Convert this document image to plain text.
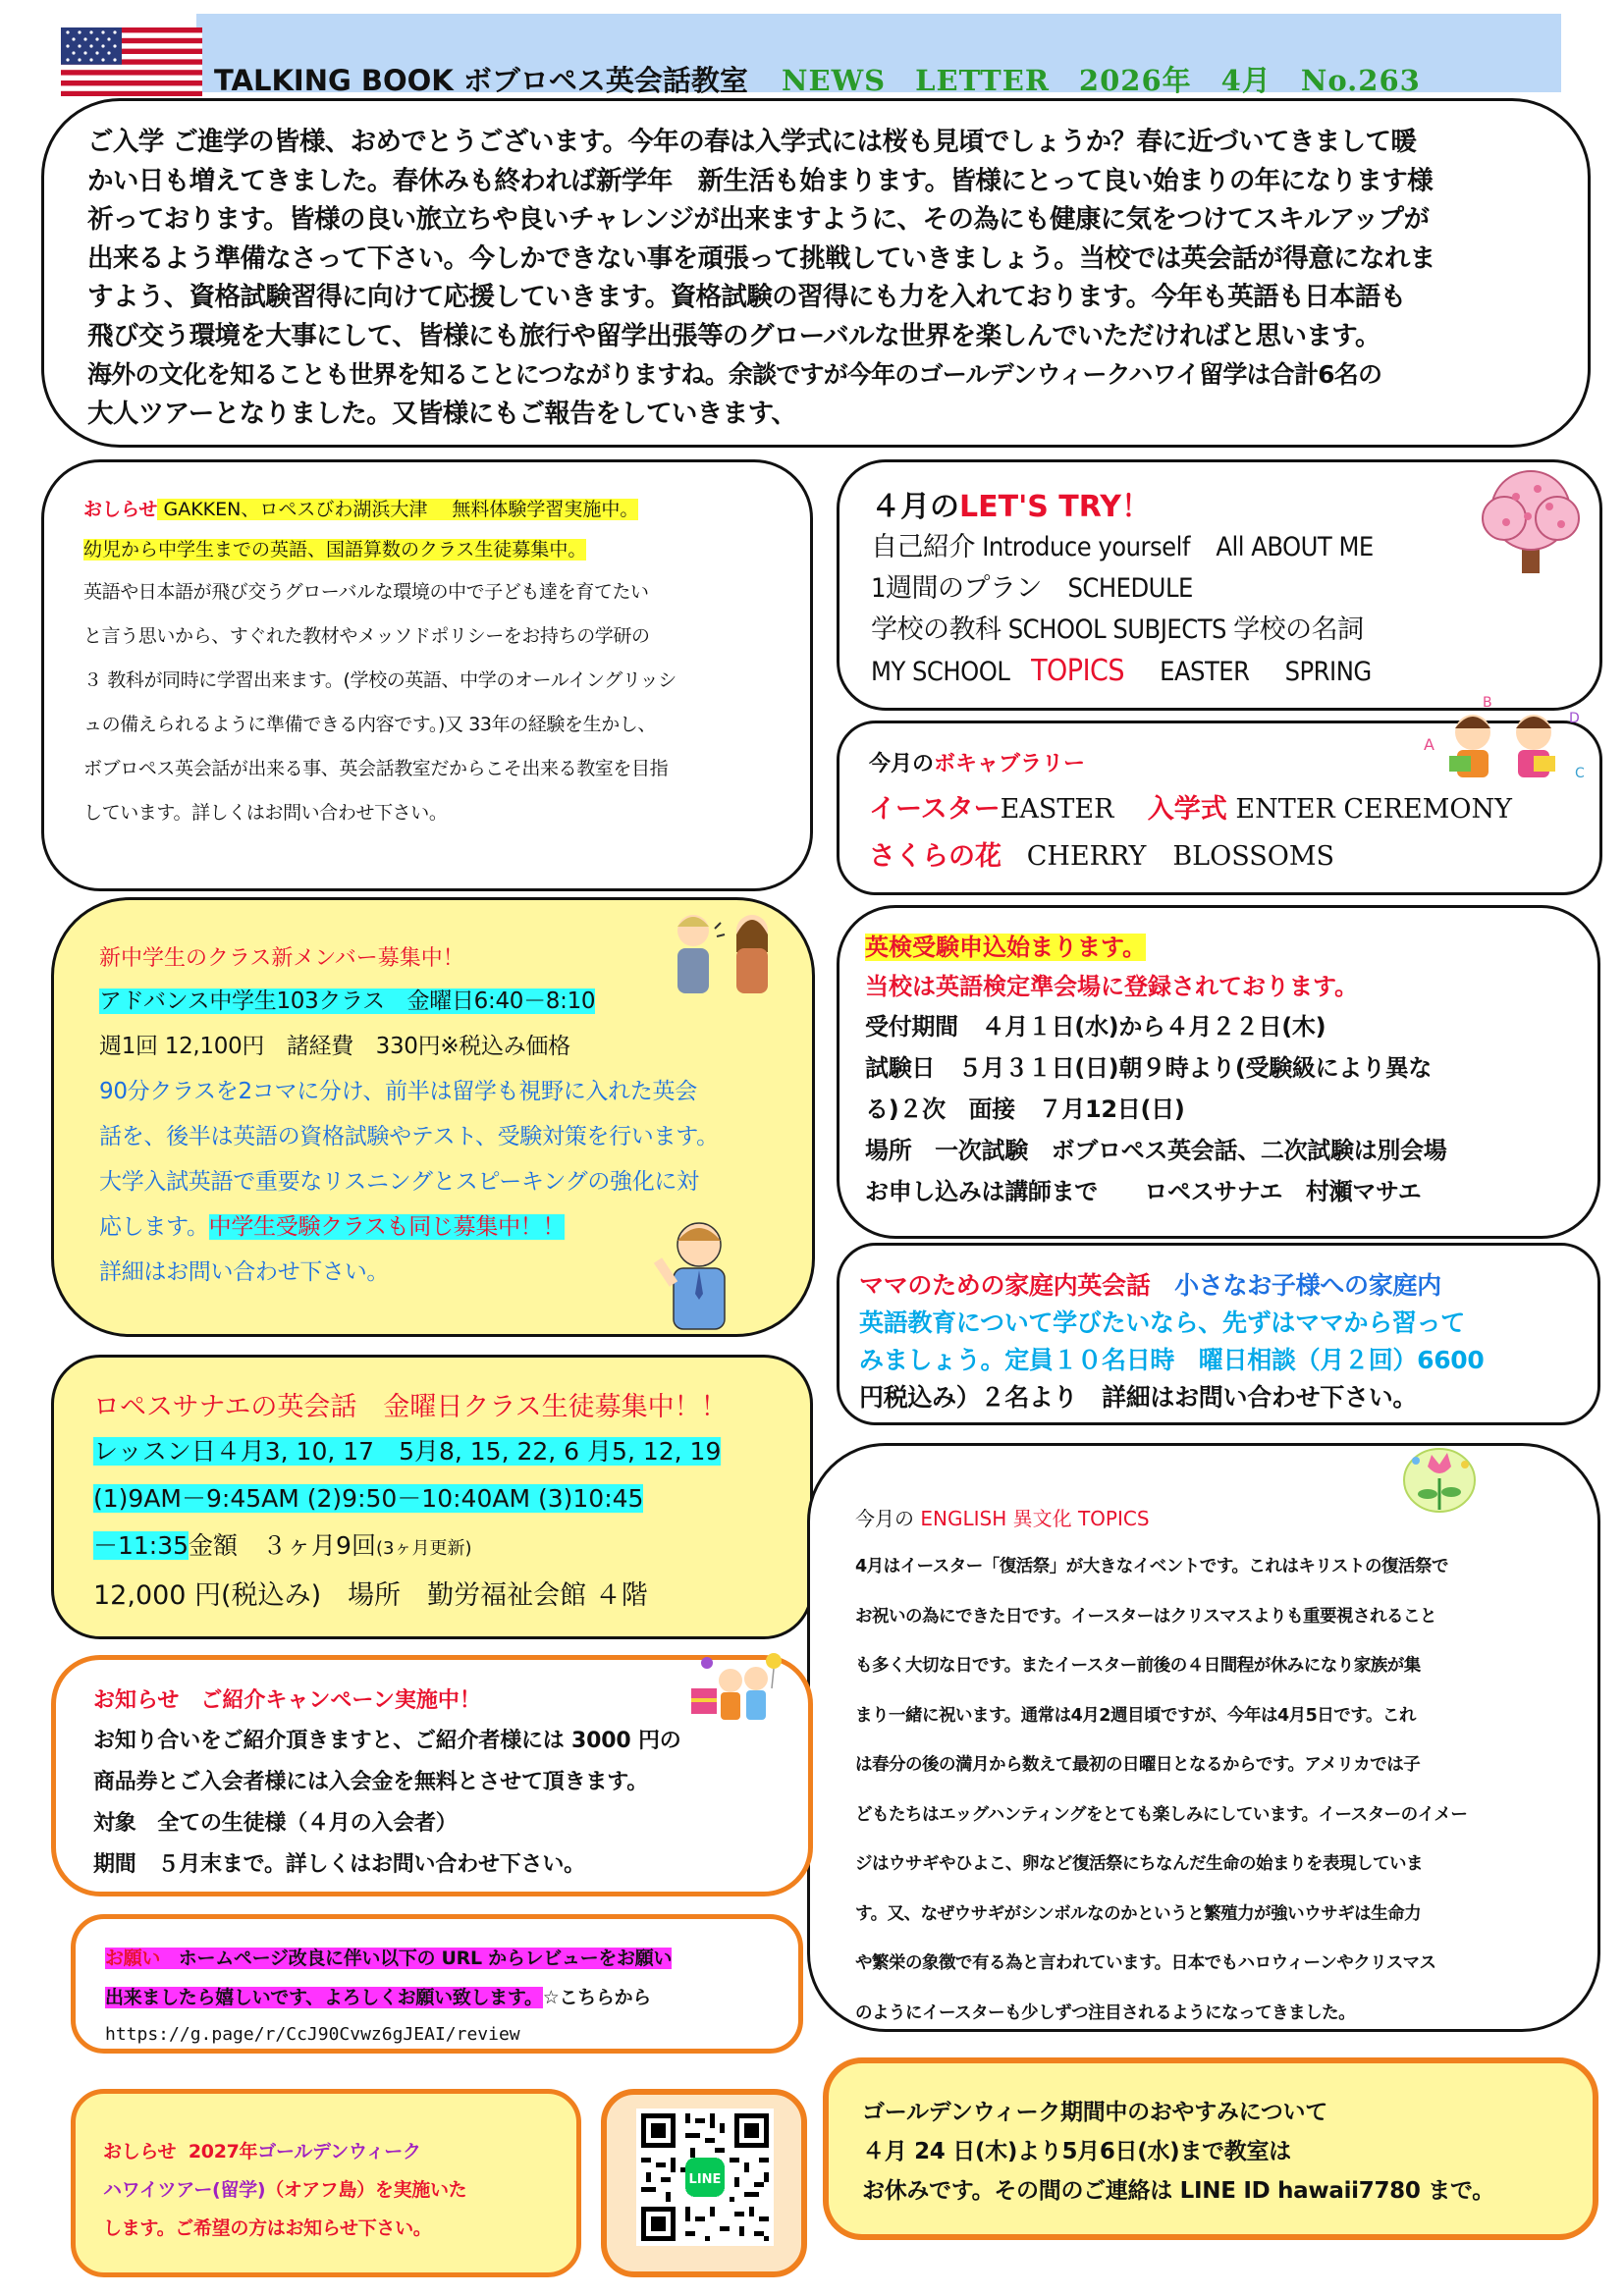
TALKING BOOK ボブロペス英会話教室 NEWS　LETTER　2026年　4月　No.263
ご入学 ご進学の皆様、おめでとうございます。今年の春は入学式には桜も見頃でしょうか？春に近づいてきまして暖
かい日も増えてきました。春休みも終われば新学年　新生活も始まります。皆様にとって良い始まりの年になります様
祈っております。皆様の良い旅立ちや良いチャレンジが出来ますように、その為にも健康に気をつけてスキルアップが
出来るよう準備なさって下さい。今しかできない事を頑張って挑戦していきましょう。当校では英会話が得意になれま
すよう、資格試験習得に向けて応援していきます。資格試験の習得にも力を入れております。今年も英語も日本語も
飛び交う環境を大事にして、皆様にも旅行や留学出張等のグローバルな世界を楽しんでいただければと思います。
海外の文化を知ることも世界を知ることにつながりますね。余談ですが今年のゴールデンウィークハワイ留学は合計6名の
大人ツアーとなりました。又皆様にもご報告をしていきます、
おしらせ GAKKEN、ロペスびわ湖浜大津　 無料体験学習実施中。
幼児から中学生までの英語、国語算数のクラス生徒募集中。
英語や日本語が飛び交うグローバルな環境の中で子ども達を育てたい
と言う思いから、すぐれた教材やメッソドポリシーをお持ちの学研の
３ 教科が同時に学習出来ます。(学校の英語、中学のオールイングリッシ
ュの備えられるように準備できる内容です。)又 33年の経験を生かし、
ボブロペス英会話が出来る事、英会話教室だからこそ出来る教室を目指
しています。詳しくはお問い合わせ下さい。
４月のLET'S TRY！
自己紹介 Introduce yourself　All ABOUT ME
1週間のプラン　SCHEDULE
学校の教科 SCHOOL SUBJECTS 学校の名詞
MY SCHOOL TOPICS EASTER SPRING
今月のボキャブラリー
イースターEASTER 入学式 ENTER CEREMONY
さくらの花 CHERRY　BLOSSOMS
B
D
A
C
新中学生のクラス新メンバー募集中！
アドバンス中学生103クラス　金曜日6:40－8:10
週1回 12,100円　諸経費　330円※税込み価格
90分クラスを2コマに分け、前半は留学も視野に入れた英会
話を、後半は英語の資格試験やテスト、受験対策を行います。
大学入試英語で重要なリスニングとスピーキングの強化に対
応します。中学生受験クラスも同じ募集中！！
詳細はお問い合わせ下さい。
英検受験申込始まります。
当校は英語検定準会場に登録されております。
受付期間　４月１日(水)から４月２２日(木)
試験日　５月３１日(日)朝９時より(受験級により異な
る)２次　面接　７月12日(日)
場所　一次試験　ボブロペス英会話、二次試験は別会場
お申し込みは講師まで　　ロペスサナエ　村瀬マサエ
ママのための家庭内英会話　小さなお子様への家庭内
英語教育について学びたいなら、先ずはママから習って
みましょう。定員１０名日時　曜日相談（月２回）6600
円税込み）２名より　詳細はお問い合わせ下さい。
ロペスサナエの英会話　金曜日クラス生徒募集中！！
レッスン日４月3, 10, 17　5月8, 15, 22, 6 月5, 12, 19
(1)9AM－9:45AM (2)9:50－10:40AM (3)10:45
－11:35金額　３ヶ月9回(3ヶ月更新)
12,000 円(税込み)　場所　勤労福祉会館 ４階
今月の ENGLISH 異文化 TOPICS
4月はイースター「復活祭」が大きなイベントです。これはキリストの復活祭で
お祝いの為にできた日です。イースターはクリスマスよりも重要視されること
も多く大切な日です。またイースター前後の４日間程が休みになり家族が集
まり一緒に祝います。通常は4月2週目頃ですが、今年は4月5日です。これ
は春分の後の満月から数えて最初の日曜日となるからです。アメリカでは子
どもたちはエッグハンティングをとても楽しみにしています。イースターのイメー
ジはウサギやひよこ、卵など復活祭にちなんだ生命の始まりを表現していま
す。又、なぜウサギがシンボルなのかというと繁殖力が強いウサギは生命力
や繁栄の象徴で有る為と言われています。日本でもハロウィーンやクリスマス
のようにイースターも少しずつ注目されるようになってきました。
お知らせ　ご紹介キャンペーン実施中！
お知り合いをご紹介頂きますと、ご紹介者様には 3000 円の
商品券とご入会者様には入会金を無料とさせて頂きます。
対象　全ての生徒様（４月の入会者）
期間　５月末まで。詳しくはお問い合わせ下さい。
お願い　ホームページ改良に伴い以下の URL からレビューをお願い
出来ましたら嬉しいです、よろしくお願い致します。☆こちらから
https://g.page/r/CcJ90Cvwz6gJEAI/review
おしらせ 2027年ゴールデンウィーク
ハワイツアー(留学)（オアフ島）を実施いた
します。ご希望の方はお知らせ下さい。
LINE
ゴールデンウィーク期間中のおやすみについて
４月 24 日(木)より5月6日(水)まで教室は
お休みです。その間のご連絡は LINE ID hawaii7780 まで。
